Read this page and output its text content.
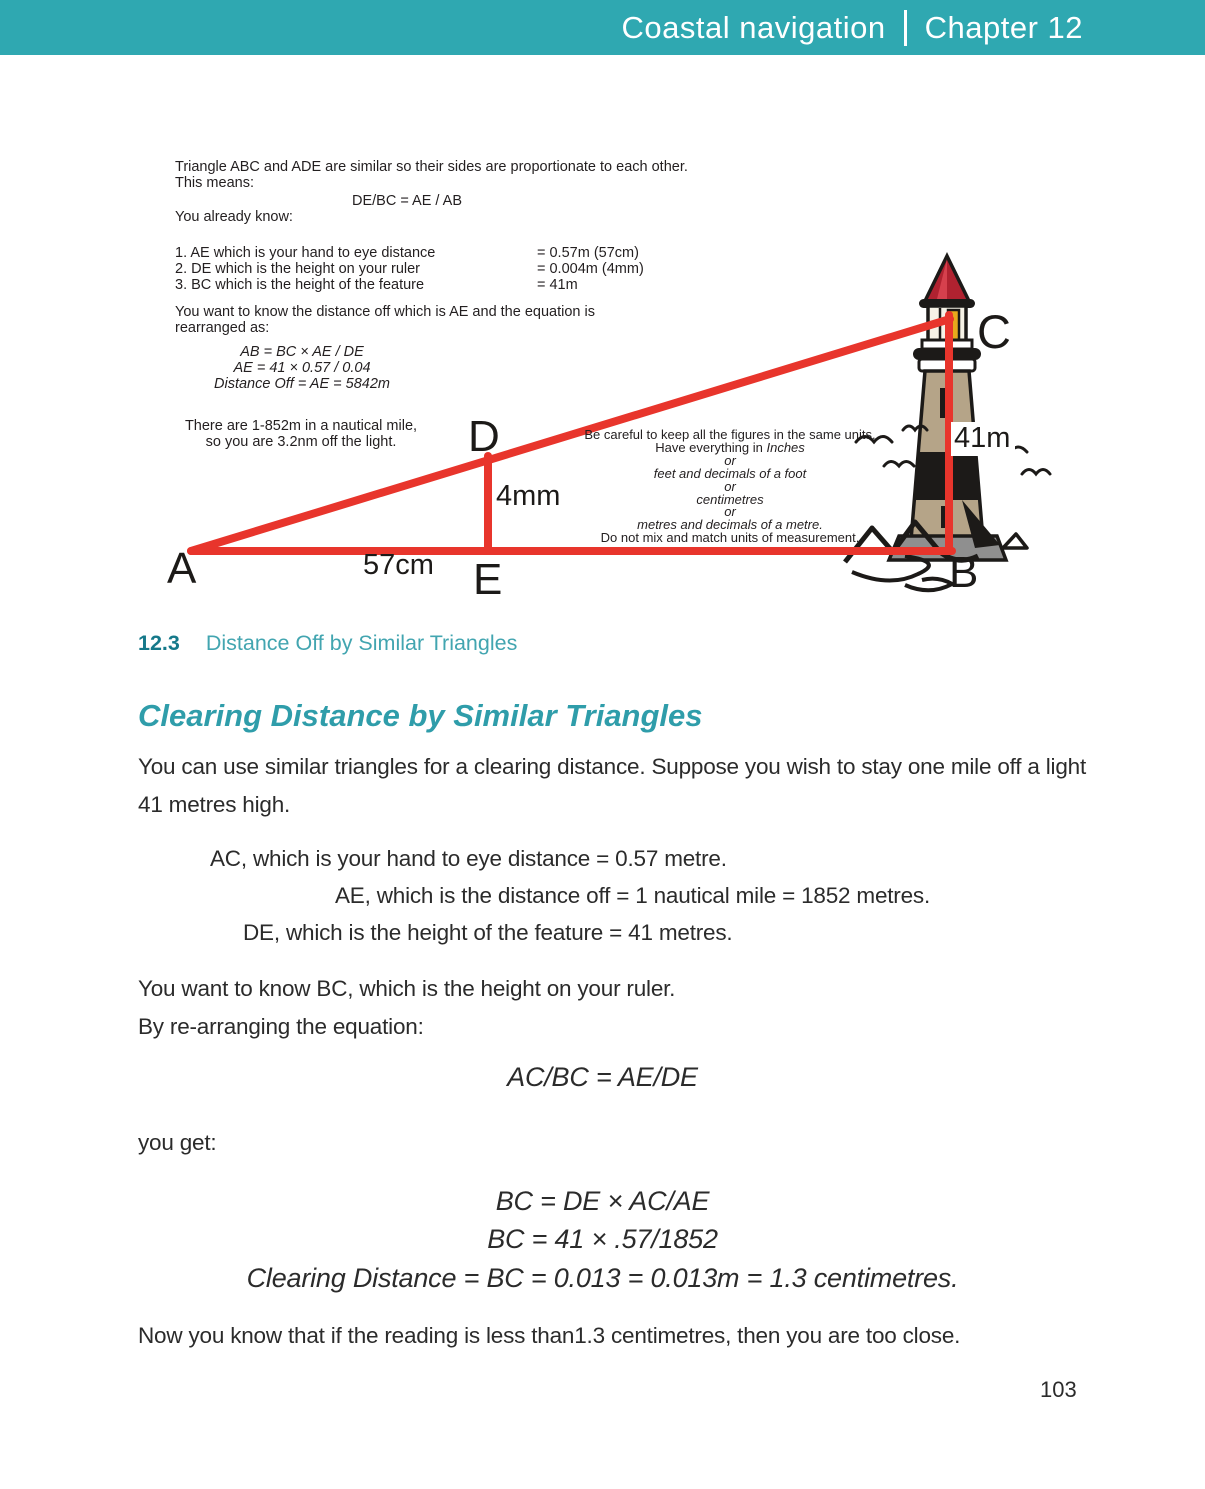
Coastal navigation Chapter 12
Triangle ABC and ADE are similar so their sides are proportionate to each other.  This means:
DE/BC = AE / AB
You already know:
1. AE which is your hand to eye distance	= 0.57m (57cm)
2. DE which is the height on your ruler	= 0.004m (4mm)
3. BC which is the height of the feature	= 41m
You want to know the distance off which is AE and the equation is rearranged as:
AB = BC × AE / DE
AE = 41 × 0.57 / 0.04
Distance Off = AE = 5842m
There are 1-852m in a nautical mile,
so you are 3.2nm off the light.	Be careful to keep all the figures in the same units.
Have everything in Inches
or
feet and decimals of a foot
or
centimetres
or
metres and decimals of a metre.
Do not mix and match units of measurement.
A	B
C
D
E
57cm
4mm
41m
12.3 Distance Off by Similar Triangles
Clearing Distance by Similar Triangles
You can use similar triangles for a clearing distance. Suppose you wish to stay one mile off a light 41 metres high.
AC, which is your hand to eye distance = 0.57 metre.
AE, which is the distance off = 1 nautical mile = 1852 metres.
DE, which is the height of the feature = 41 metres.
You want to know BC, which is the height on your ruler.
By re-arranging the equation:
AC/BC = AE/DE
you get:
BC = DE × AC/AE
BC = 41 × .57/1852
Clearing Distance = BC = 0.013 = 0.013m = 1.3 centimetres.
Now you know that if the reading is less than1.3 centimetres, then you are too close.
103
